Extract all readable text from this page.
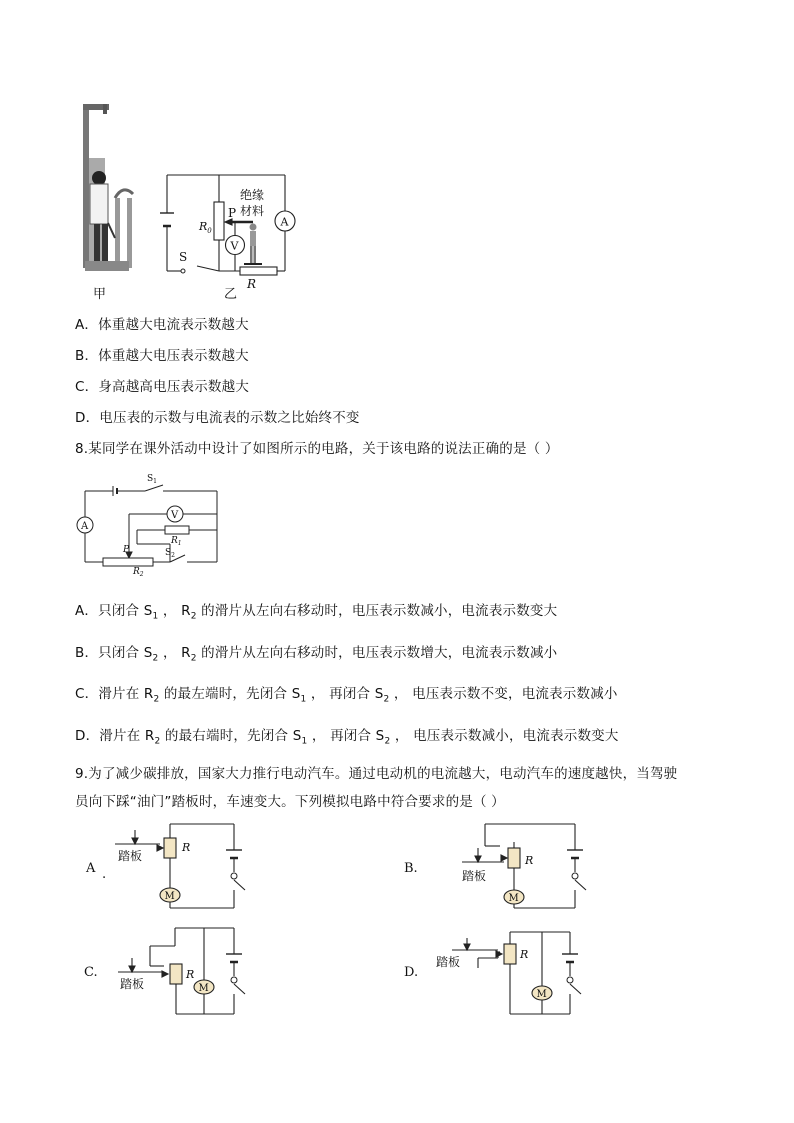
甲
S
$R_0$
P
绝缘
材料
A
V
R
乙
A．体重越大电流表示数越大
B．体重越大电压表示数越大
C．身高越高电压表示数越大
D．电压表的示数与电流表的示数之比始终不变
8.某同学在课外活动中设计了如图所示的电路，关于该电路的说法正确的是（ ）
A
V
$S_1$
$R_1$
$S_2$
P
$R_2$
A．只闭合 $S_1$ ， $R_2$ 的滑片从左向右移动时，电压表示数减小，电流表示数变大
B．只闭合 $S_2$ ， $R_2$ 的滑片从左向右移动时，电压表示数增大，电流表示数减小
C．滑片在 $R_2$ 的最左端时，先闭合 $S_1$ ， 再闭合 $S_2$ ， 电压表示数不变，电流表示数减小
D．滑片在 $R_2$ 的最右端时，先闭合 $S_1$ ， 再闭合 $S_2$ ， 电压表示数减小，电流表示数变大
9.为了减少碳排放，国家大力推行电动汽车。通过电动机的电流越大，电动汽车的速度越快，当驾驶
员向下踩“油门”踏板时，车速变大。下列模拟电路中符合要求的是（ ）
踏板
R
M
A .	踏板
R
M
B.
踏板
R
M
C.
踏板
R
M
D.
